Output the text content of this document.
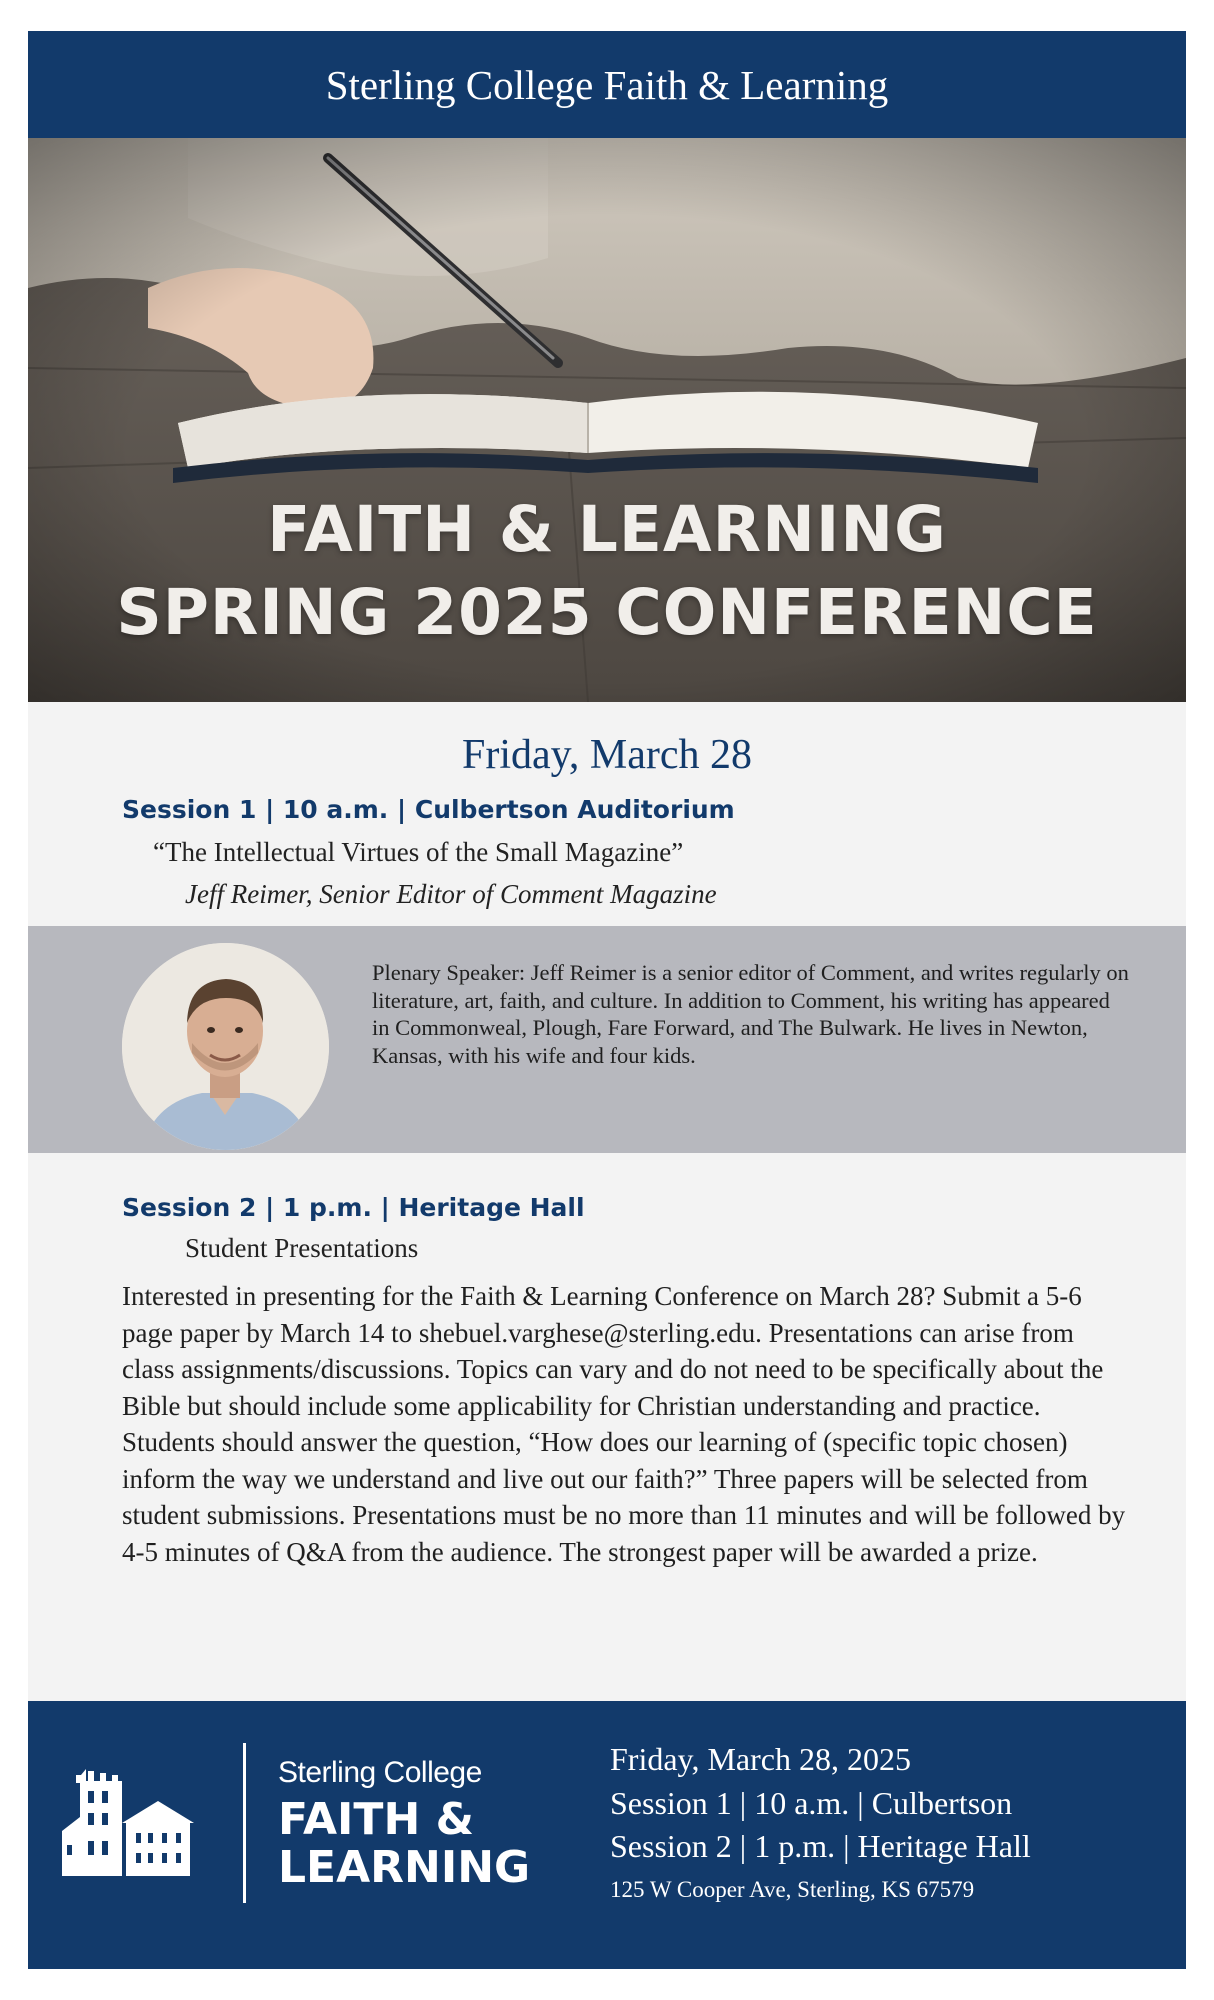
Sterling College Faith & Learning
FAITH & LEARNING
SPRING 2025 CONFERENCE
Friday, March 28
Session 1 | 10 a.m. | Culbertson Auditorium
“The Intellectual Virtues of the Small Magazine”
Jeff Reimer, Senior Editor of Comment Magazine
Plenary Speaker: Jeff Reimer is a senior editor of Comment, and writes regularly on literature, art, faith, and culture. In addition to Comment, his writing has appeared in Commonweal, Plough, Fare Forward, and The Bulwark. He lives in Newton, Kansas, with his wife and four kids.
Session 2 | 1 p.m. | Heritage Hall
Student Presentations
Interested in presenting for the Faith & Learning Conference on March 28? Submit a 5-6 page paper by March 14 to shebuel.varghese@sterling.edu. Presentations can arise from class assignments/discussions. Topics can vary and do not need to be specifically about the Bible but should include some applicability for Christian understanding and practice. Students should answer the question, “How does our learning of (specific topic chosen) inform the way we understand and live out our faith?” Three papers will be selected from student submissions. Presentations must be no more than 11 minutes and will be followed by 4-5 minutes of Q&A from the audience. The strongest paper will be awarded a prize.
Sterling College
FAITH &
LEARNING
Friday, March 28, 2025
Session 1 | 10 a.m. | Culbertson
Session 2 | 1 p.m. | Heritage Hall
125 W Cooper Ave, Sterling, KS 67579
